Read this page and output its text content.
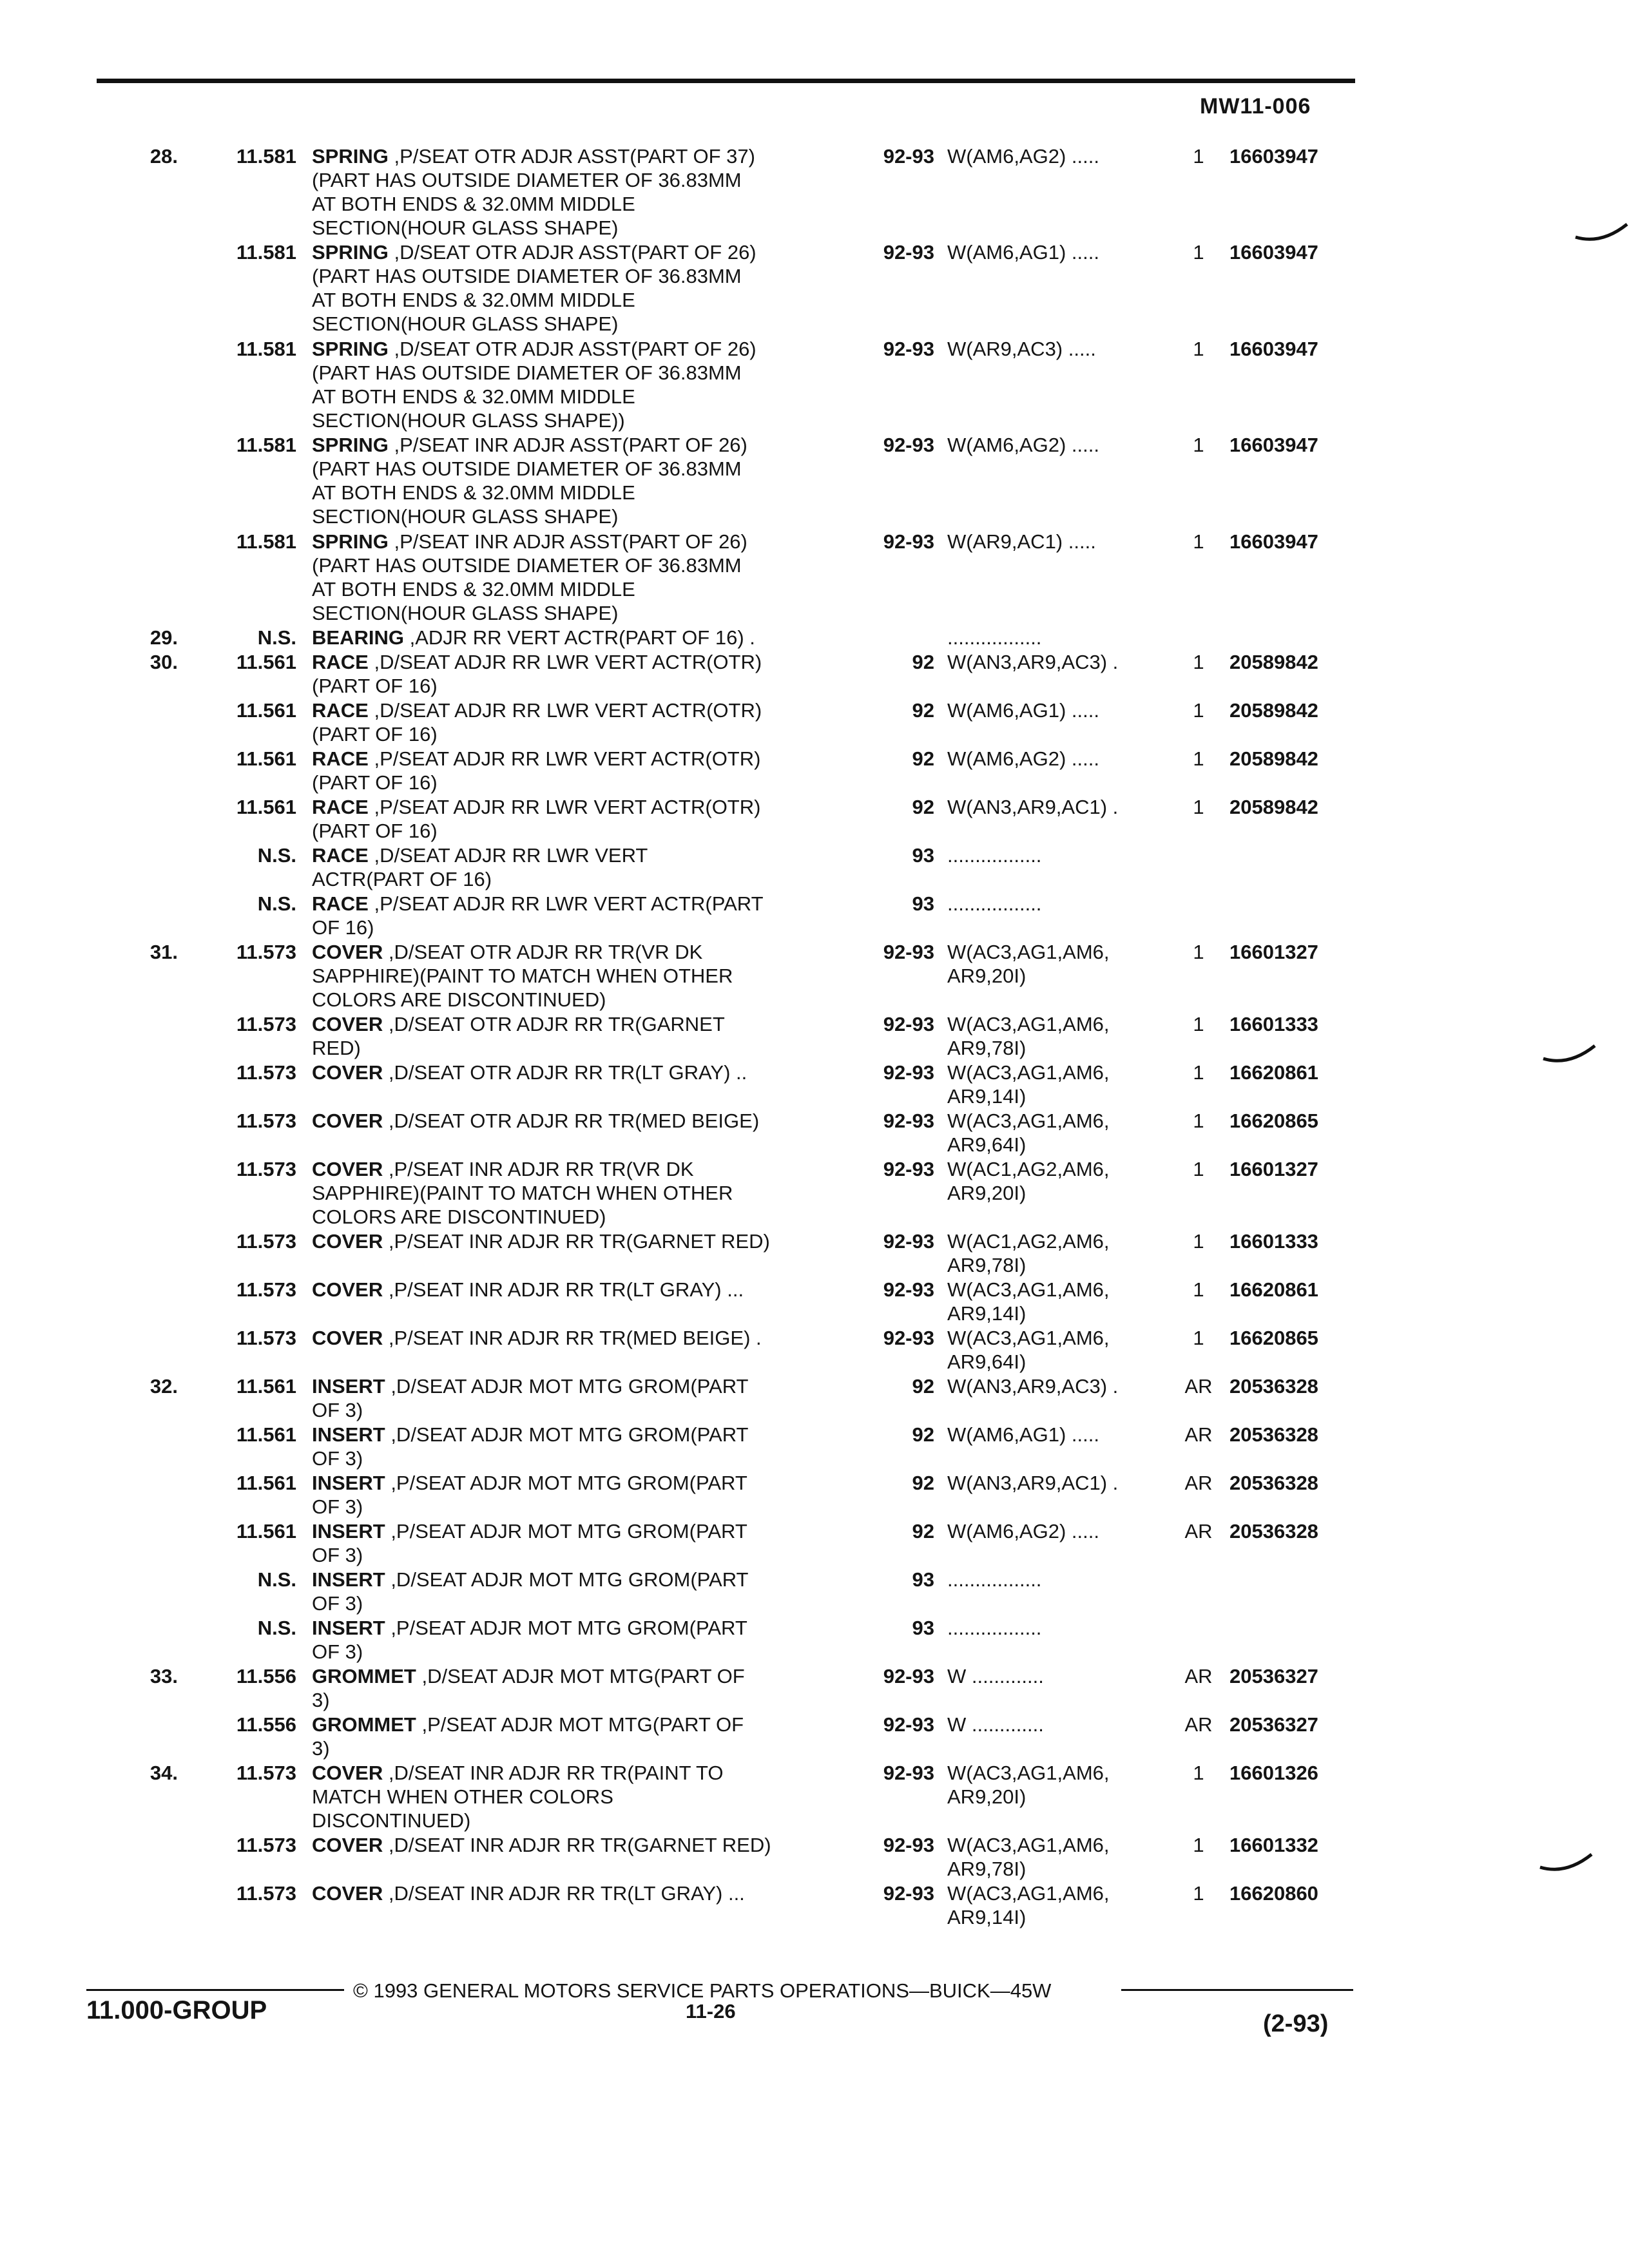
MW11-006
28.	11.581 SPRING ,P/SEAT OTR ADJR ASST(PART OF 37)
(PART HAS OUTSIDE DIAMETER OF 36.83MM
AT BOTH ENDS & 32.0MM MIDDLE
SECTION(HOUR GLASS SHAPE)
92-93 W(AM6,AG2) .....	1	16603947
11.581 SPRING ,D/SEAT OTR ADJR ASST(PART OF 26)
(PART HAS OUTSIDE DIAMETER OF 36.83MM
AT BOTH ENDS & 32.0MM MIDDLE
SECTION(HOUR GLASS SHAPE)
92-93 W(AM6,AG1) .....	1	16603947
11.581 SPRING ,D/SEAT OTR ADJR ASST(PART OF 26)
(PART HAS OUTSIDE DIAMETER OF 36.83MM
AT BOTH ENDS & 32.0MM MIDDLE
SECTION(HOUR GLASS SHAPE))
92-93 W(AR9,AC3) .....	1	16603947
11.581 SPRING ,P/SEAT INR ADJR ASST(PART OF 26)
(PART HAS OUTSIDE DIAMETER OF 36.83MM
AT BOTH ENDS & 32.0MM MIDDLE
SECTION(HOUR GLASS SHAPE)
92-93 W(AM6,AG2) .....	1	16603947
11.581 SPRING ,P/SEAT INR ADJR ASST(PART OF 26)
(PART HAS OUTSIDE DIAMETER OF 36.83MM
AT BOTH ENDS & 32.0MM MIDDLE
SECTION(HOUR GLASS SHAPE)
92-93 W(AR9,AC1) .....	1	16603947
29.	N.S. BEARING ,ADJR RR VERT ACTR(PART OF 16) .	.................
30.	11.561 RACE ,D/SEAT ADJR RR LWR VERT ACTR(OTR)
(PART OF 16)
92 W(AN3,AR9,AC3) .	1	20589842
11.561 RACE ,D/SEAT ADJR RR LWR VERT ACTR(OTR)
(PART OF 16)
92 W(AM6,AG1) .....	1	20589842
11.561 RACE ,P/SEAT ADJR RR LWR VERT ACTR(OTR)
(PART OF 16)
92 W(AM6,AG2) .....	1	20589842
11.561 RACE ,P/SEAT ADJR RR LWR VERT ACTR(OTR)
(PART OF 16)
92 W(AN3,AR9,AC1) .	1	20589842
N.S. RACE ,D/SEAT ADJR RR LWR VERT
ACTR(PART OF 16)
93 .................
N.S. RACE ,P/SEAT ADJR RR LWR VERT ACTR(PART
OF 16)
93 .................
31.	11.573 COVER ,D/SEAT OTR ADJR RR TR(VR DK
SAPPHIRE)(PAINT TO MATCH WHEN OTHER
COLORS ARE DISCONTINUED)
92-93 W(AC3,AG1,AM6,
AR9,20I)
1	16601327
11.573 COVER ,D/SEAT OTR ADJR RR TR(GARNET
RED)
92-93 W(AC3,AG1,AM6,
AR9,78I)
1	16601333
11.573 COVER ,D/SEAT OTR ADJR RR TR(LT GRAY) ..	92-93 W(AC3,AG1,AM6,
AR9,14I)
1	16620861
11.573 COVER ,D/SEAT OTR ADJR RR TR(MED BEIGE)	92-93 W(AC3,AG1,AM6,
AR9,64I)
1	16620865
11.573 COVER ,P/SEAT INR ADJR RR TR(VR DK
SAPPHIRE)(PAINT TO MATCH WHEN OTHER
COLORS ARE DISCONTINUED)
92-93 W(AC1,AG2,AM6,
AR9,20I)
1	16601327
11.573 COVER ,P/SEAT INR ADJR RR TR(GARNET RED)	92-93 W(AC1,AG2,AM6,
AR9,78I)
1	16601333
11.573 COVER ,P/SEAT INR ADJR RR TR(LT GRAY) ...	92-93 W(AC3,AG1,AM6,
AR9,14I)
1	16620861
11.573 COVER ,P/SEAT INR ADJR RR TR(MED BEIGE) .	92-93 W(AC3,AG1,AM6,
AR9,64I)
1	16620865
32.	11.561 INSERT ,D/SEAT ADJR MOT MTG GROM(PART
OF 3)
92 W(AN3,AR9,AC3) .	AR 20536328
11.561 INSERT ,D/SEAT ADJR MOT MTG GROM(PART
OF 3)
92 W(AM6,AG1) .....	AR 20536328
11.561 INSERT ,P/SEAT ADJR MOT MTG GROM(PART
OF 3)
92 W(AN3,AR9,AC1) .	AR 20536328
11.561 INSERT ,P/SEAT ADJR MOT MTG GROM(PART
OF 3)
92 W(AM6,AG2) .....	AR 20536328
N.S. INSERT ,D/SEAT ADJR MOT MTG GROM(PART
OF 3)
93 .................
N.S. INSERT ,P/SEAT ADJR MOT MTG GROM(PART
OF 3)
93 .................
33.	11.556 GROMMET ,D/SEAT ADJR MOT MTG(PART OF
3)
92-93 W .............	AR 20536327
11.556 GROMMET ,P/SEAT ADJR MOT MTG(PART OF
3)
92-93 W .............	AR 20536327
34.	11.573 COVER ,D/SEAT INR ADJR RR TR(PAINT TO
MATCH WHEN OTHER COLORS
DISCONTINUED)
92-93 W(AC3,AG1,AM6,
AR9,20I)
1	16601326
11.573 COVER ,D/SEAT INR ADJR RR TR(GARNET RED)	92-93 W(AC3,AG1,AM6,
AR9,78I)
1	16601332
11.573 COVER ,D/SEAT INR ADJR RR TR(LT GRAY) ...	92-93 W(AC3,AG1,AM6,
AR9,14I)
1	16620860
© 1993 GENERAL MOTORS SERVICE PARTS OPERATIONS—BUICK—45W
11.000-GROUP	11-26	(2-93)
